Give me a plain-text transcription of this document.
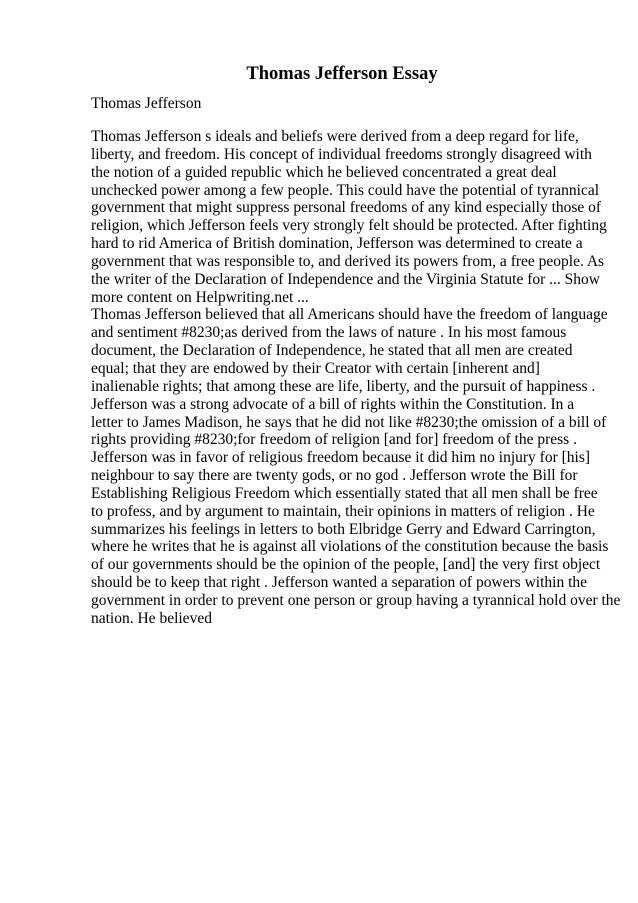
Thomas Jefferson Essay
Thomas Jefferson
Thomas Jefferson s ideals and beliefs were derived from a deep regard for life,
liberty, and freedom. His concept of individual freedoms strongly disagreed with
the notion of a guided republic which he believed concentrated a great deal
unchecked power among a few people. This could have the potential of tyrannical
government that might suppress personal freedoms of any kind especially those of
religion, which Jefferson feels very strongly felt should be protected. After fighting
hard to rid America of British domination, Jefferson was determined to create a
government that was responsible to, and derived its powers from, a free people. As
the writer of the Declaration of Independence and the Virginia Statute for ... Show
more content on Helpwriting.net ...
Thomas Jefferson believed that all Americans should have the freedom of language
and sentiment #8230;as derived from the laws of nature . In his most famous
document, the Declaration of Independence, he stated that all men are created
equal; that they are endowed by their Creator with certain [inherent and]
inalienable rights; that among these are life, liberty, and the pursuit of happiness .
Jefferson was a strong advocate of a bill of rights within the Constitution. In a
letter to James Madison, he says that he did not like #8230;the omission of a bill of
rights providing #8230;for freedom of religion [and for] freedom of the press .
Jefferson was in favor of religious freedom because it did him no injury for [his]
neighbour to say there are twenty gods, or no god . Jefferson wrote the Bill for
Establishing Religious Freedom which essentially stated that all men shall be free
to profess, and by argument to maintain, their opinions in matters of religion . He
summarizes his feelings in letters to both Elbridge Gerry and Edward Carrington,
where he writes that he is against all violations of the constitution because the basis
of our governments should be the opinion of the people, [and] the very first object
should be to keep that right . Jefferson wanted a separation of powers within the
government in order to prevent one person or group having a tyrannical hold over the
nation. He believed
